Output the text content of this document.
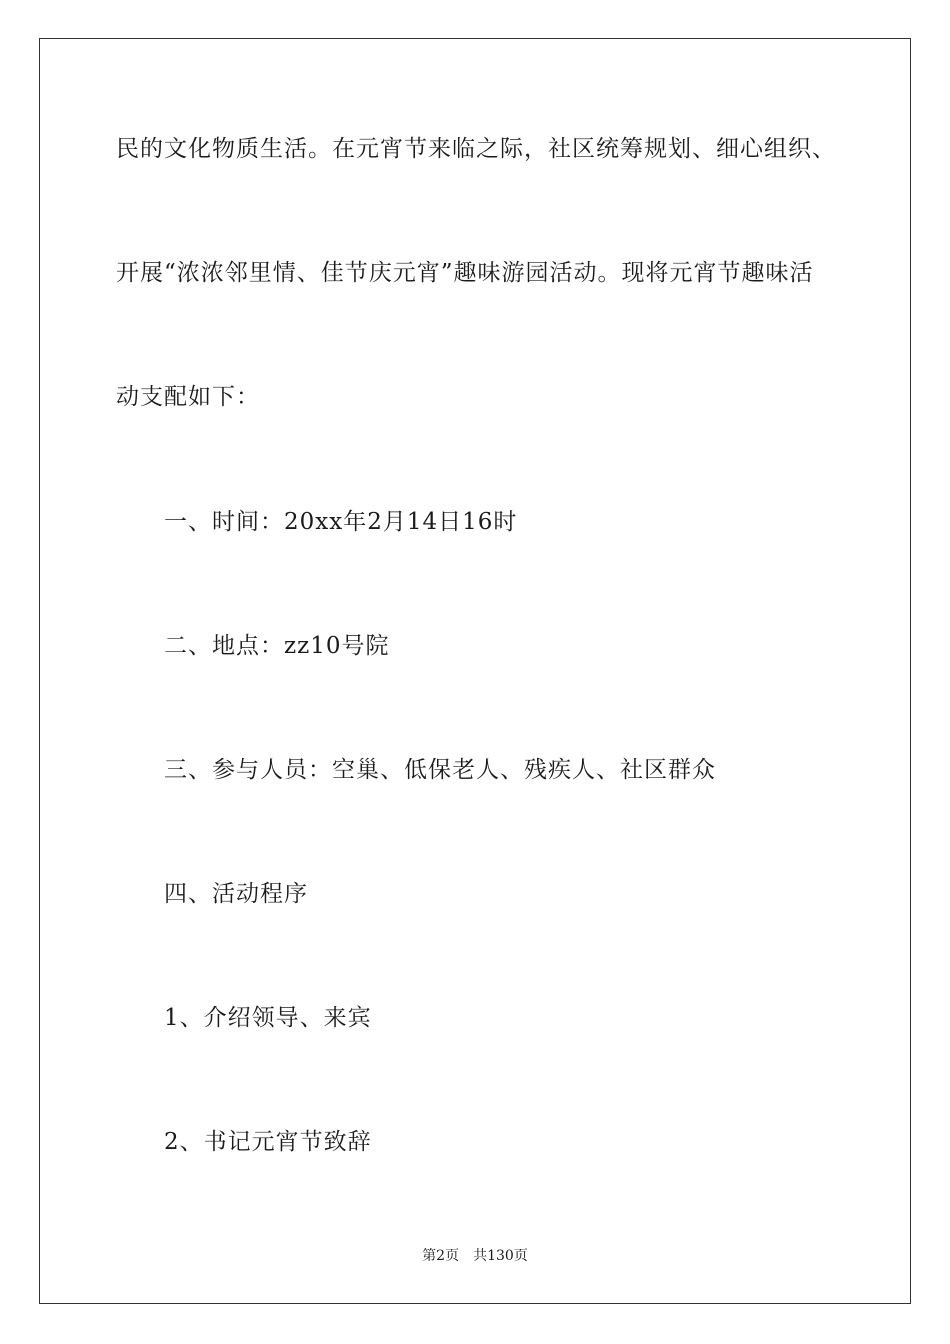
民的文化物质生活。在元宵节来临之际，社区统筹规划、细心组织、
开展“浓浓邻里情、佳节庆元宵”趣味游园活动。现将元宵节趣味活
动支配如下：
一、时间：20xx年2月14日16时
二、地点：zz10号院
三、参与人员：空巢、低保老人、残疾人、社区群众
四、活动程序
1、介绍领导、来宾
2、书记元宵节致辞
第2页 共130页
